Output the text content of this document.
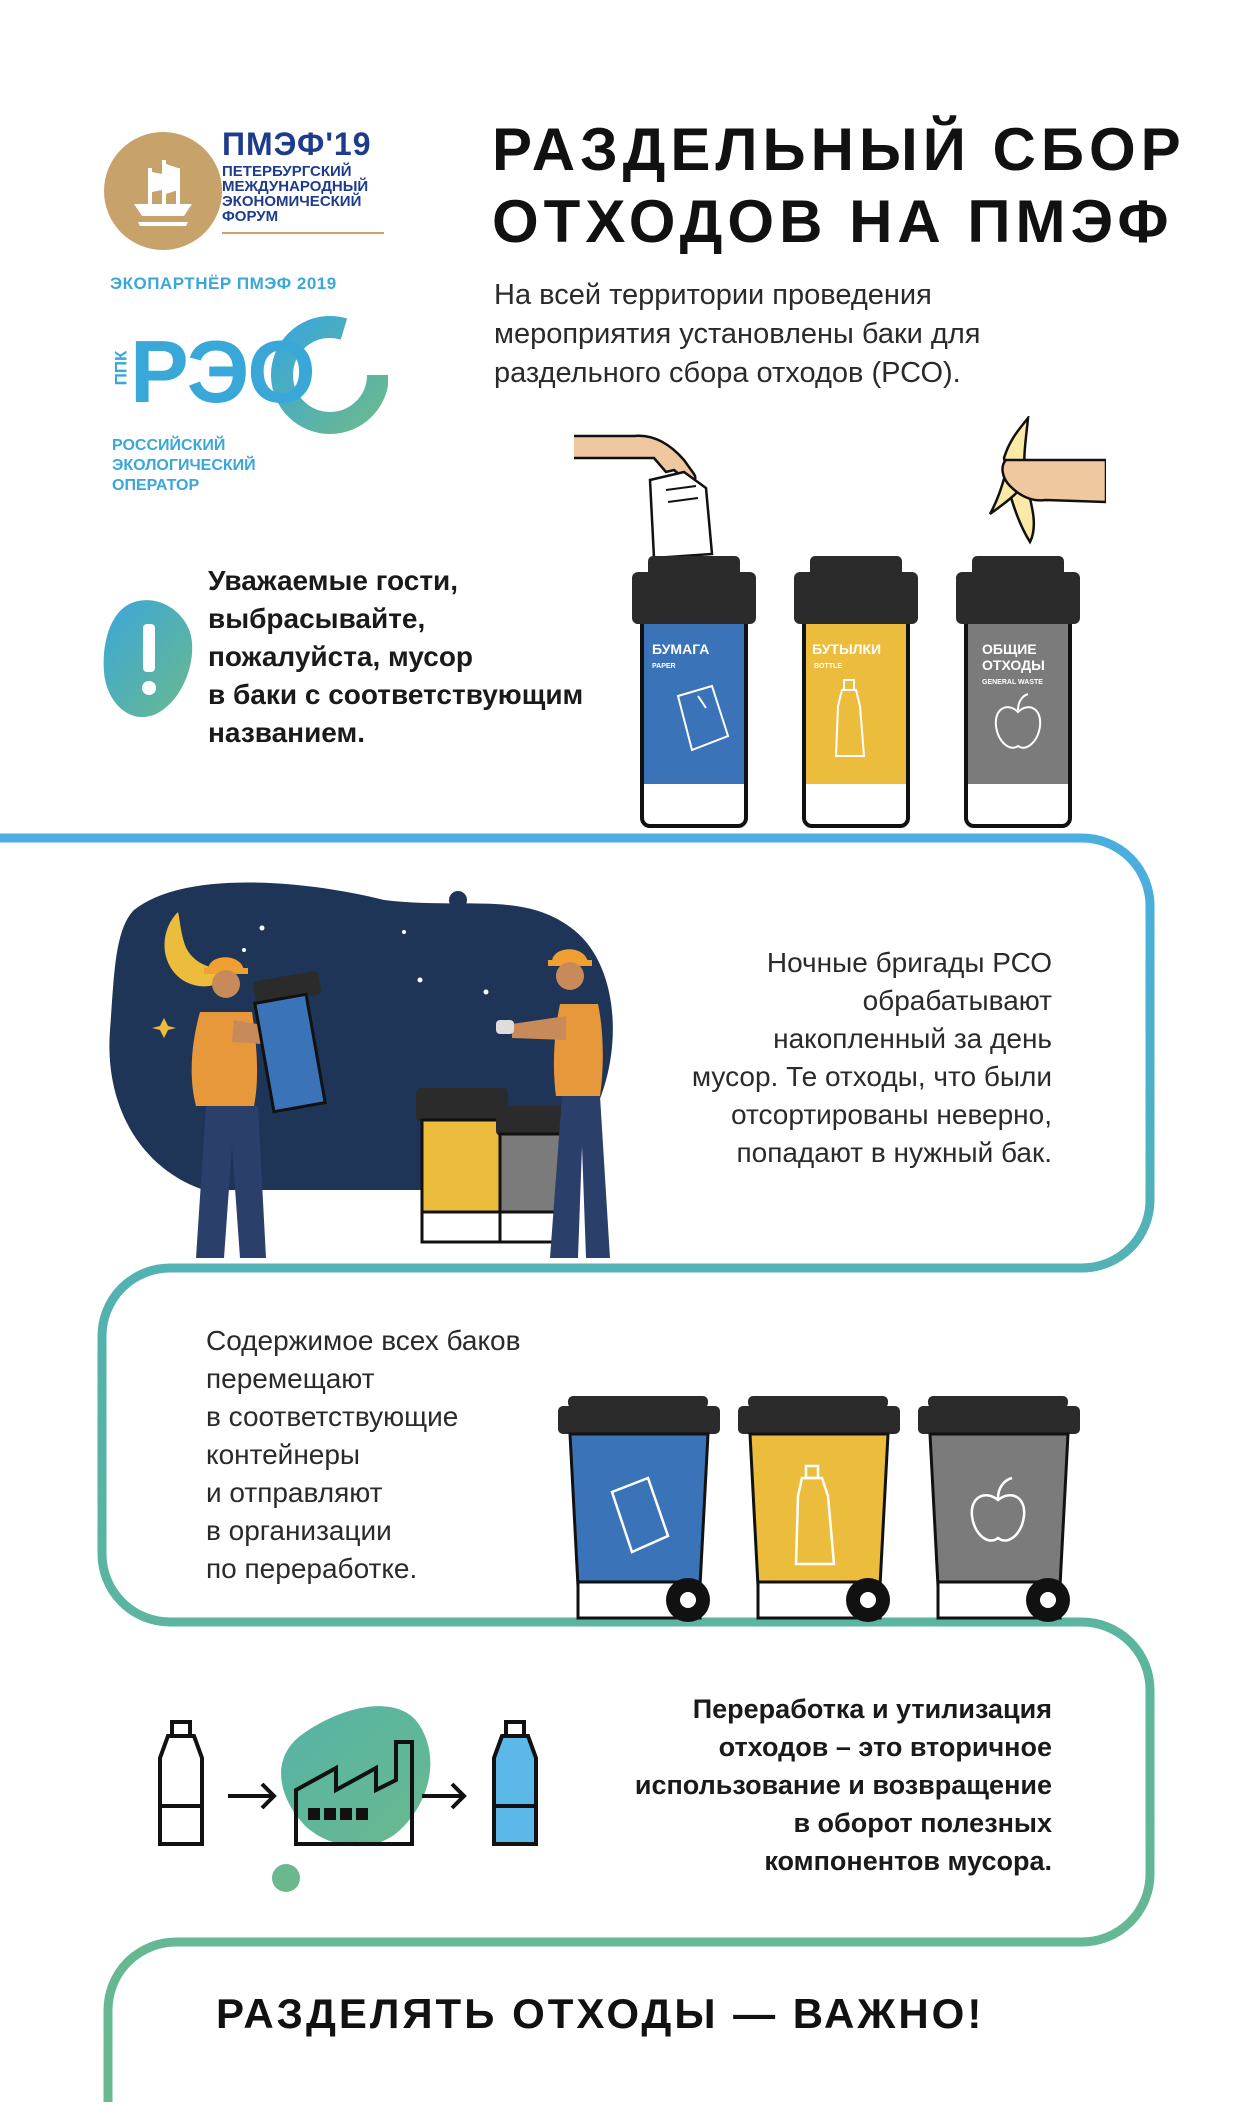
ПМЭФ'19
ПЕТЕРБУРГСКИЙ
МЕЖДУНАРОДНЫЙ
ЭКОНОМИЧЕСКИЙ
ФОРУМ
ЭКОПАРТНЁР ПМЭФ 2019
ППК РЭО
РОССИЙСКИЙ
ЭКОЛОГИЧЕСКИЙ
ОПЕРАТОР
РАЗДЕЛЬНЫЙ СБОР
ОТХОДОВ НА ПМЭФ
На всей территории проведения
мероприятия установлены баки для
раздельного сбора отходов (РСО).
БУМАГА
PAPER
БУТЫЛКИ
BOTTLE
ОБЩИЕ
ОТХОДЫ
GENERAL WASTE
Уважаемые гости,
выбрасывайте,
пожалуйста, мусор
в баки с соответствующим
названием.
Ночные бригады РСО
обрабатывают
накопленный за день
мусор. Те отходы, что были
отсортированы неверно,
попадают в нужный бак.
Содержимое всех баков
перемещают
в соответствующие
контейнеры
и отправляют
в организации
по переработке.
Переработка и утилизация
отходов – это вторичное
использование и возвращение
в оборот полезных
компонентов мусора.
РАЗДЕЛЯТЬ ОТХОДЫ — ВАЖНО!
